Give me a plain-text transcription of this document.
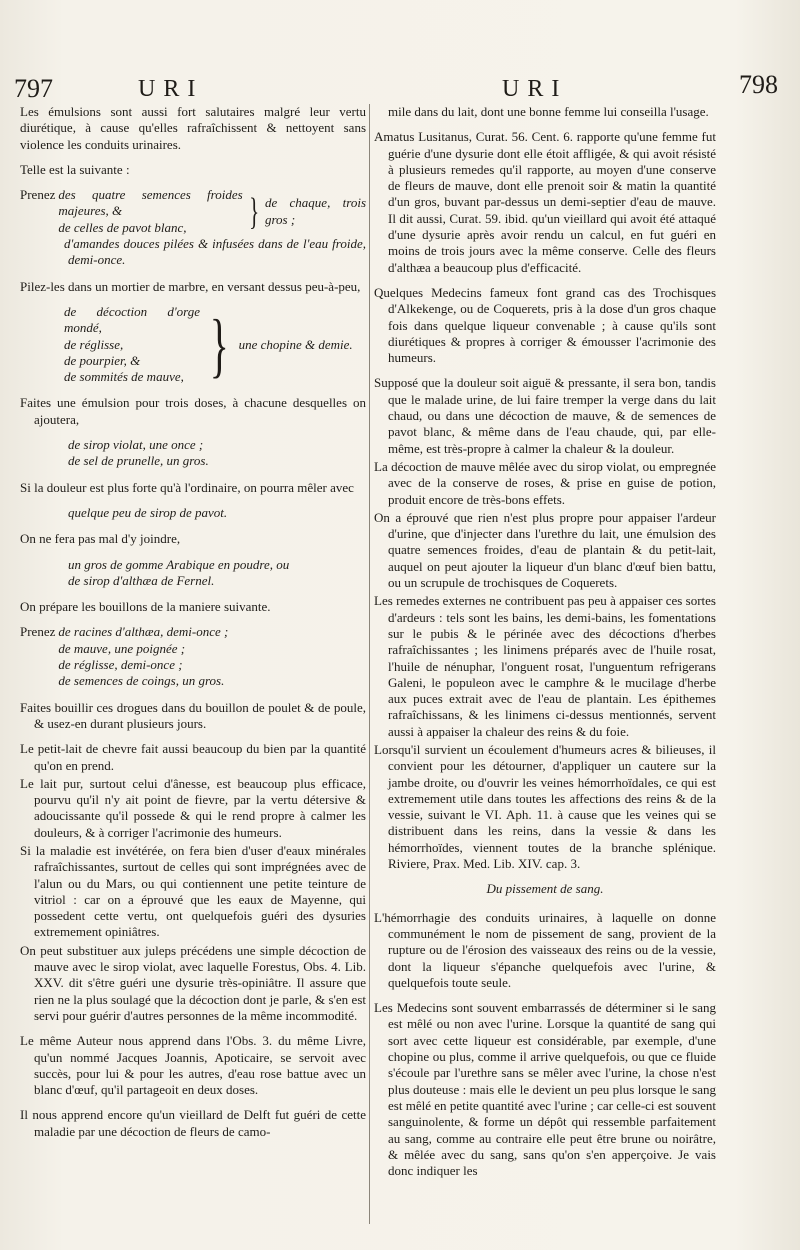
797	URI	URI	798

Les émulsions sont aussi fort salutaires malgré leur vertu diurétique, à cause qu'elles rafraîchissent & nettoyent sans violence les conduits urinaires.

Telle est la suivante :

Prenez des quatre semences froides majeures, &
de celles de pavot blanc,	} de chaque, trois gros ;
d'amandes douces pilées & infusées dans de l'eau froide, demi-once.

Pilez-les dans un mortier de marbre, en versant dessus peu-à-peu,

de décoction d'orge mondé,
de réglisse,
de pourpier, &
de sommités de mauve, } une chopine & demie.

Faites une émulsion pour trois doses, à chacune desquelles on ajoutera,

de sirop violat, une once ;
de sel de prunelle, un gros.

Si la douleur est plus forte qu'à l'ordinaire, on pourra mêler avec

quelque peu de sirop de pavot.

On ne fera pas mal d'y joindre,

un gros de gomme Arabique en poudre, ou
de sirop d'althæa de Fernel.

On prépare les bouillons de la maniere suivante.

Prenez de racines d'althæa, demi-once ;
de mauve, une poignée ;
de réglisse, demi-once ;
de semences de coings, un gros.

Faites bouillir ces drogues dans du bouillon de poulet & de poule, & usez-en durant plusieurs jours.

Le petit-lait de chevre fait aussi beaucoup du bien par la quantité qu'on en prend.

Le lait pur, surtout celui d'ânesse, est beaucoup plus efficace, pourvu qu'il n'y ait point de fievre, par la vertu détersive & adoucissante qu'il possede & qui le rend propre à calmer les douleurs, & à corriger l'acrimonie des humeurs.

Si la maladie est invétérée, on fera bien d'user d'eaux minérales rafraîchissantes, surtout de celles qui sont imprégnées avec de l'alun ou du Mars, ou qui contiennent une petite teinture de vitriol : car on a éprouvé que les eaux de Mayenne, qui possedent cette vertu, ont quelquefois guéri des dysuries extremement opiniâtres.

On peut substituer aux juleps précédens une simple décoction de mauve avec le sirop violat, avec laquelle Forestus, Obs. 4. Lib. XXV. dit s'être guéri une dysurie très-opiniâtre. Il assure que rien ne la plus soulagé que la décoction dont je parle, & s'en est servi pour guérir d'autres personnes de la même incommodité.

Le même Auteur nous apprend dans l'Obs. 3. du même Livre, qu'un nommé Jacques Joannis, Apoticaire, se servoit avec succès, pour lui & pour les autres, d'eau rose battue avec un blanc d'œuf, qu'il partageoit en deux doses.

Il nous apprend encore qu'un vieillard de Delft fut guéri de cette maladie par une décoction de fleurs de camo-

mile dans du lait, dont une bonne femme lui conseilla l'usage.

Amatus Lusitanus, Curat. 56. Cent. 6. rapporte qu'une femme fut guérie d'une dysurie dont elle étoit affligée, & qui avoit résisté à plusieurs remedes qu'il rapporte, au moyen d'une conserve de fleurs de mauve, dont elle prenoit soir & matin la quantité d'un gros, buvant par-dessus un demi-septier d'eau de mauve. Il dit aussi, Curat. 59. ibid. qu'un vieillard qui avoit été attaqué d'une dysurie après avoir rendu un calcul, en fut guéri en moins de trois jours avec la même conserve. Celle des fleurs d'althæa a beaucoup plus d'efficacité.

Quelques Medecins fameux font grand cas des Trochisques d'Alkekenge, ou de Coquerets, pris à la dose d'un gros chaque fois dans quelque liqueur convenable ; à cause qu'ils sont diurétiques & propres à corriger & émousser l'acrimonie des humeurs.

Supposé que la douleur soit aiguë & pressante, il sera bon, tandis que le malade urine, de lui faire tremper la verge dans du lait chaud, ou dans une décoction de mauve, & de semences de pavot blanc, & même dans de l'eau chaude, qui, par elle-même, est très-propre à calmer la chaleur & la douleur.

La décoction de mauve mêlée avec du sirop violat, ou empregnée avec de la conserve de roses, & prise en guise de potion, produit encore de très-bons effets.

On a éprouvé que rien n'est plus propre pour appaiser l'ardeur d'urine, que d'injecter dans l'urethre du lait, une émulsion des quatre semences froides, d'eau de plantain & du petit-lait, auquel on peut ajouter la liqueur d'un blanc d'œuf bien battu, ou un scrupule de trochisques de Coquerets.

Les remedes externes ne contribuent pas peu à appaiser ces sortes d'ardeurs : tels sont les bains, les demi-bains, les fomentations sur le pubis & le périnée avec des décoctions d'herbes rafraîchissantes ; les linimens préparés avec de l'huile rosat, l'huile de nénuphar, l'onguent rosat, l'unguentum refrigerans Galeni, le populeon avec le camphre & le mucilage d'herbe aux puces extrait avec de l'eau de plantain. Les épithemes rafraîchissans, & les linimens ci-dessus mentionnés, servent aussi à appaiser la chaleur des reins & du foie.

Lorsqu'il survient un écoulement d'humeurs acres & bilieuses, il convient pour les détourner, d'appliquer un cautere sur la jambe droite, ou d'ouvrir les veines hémorrhoïdales, ce qui est extremement utile dans toutes les affections des reins & de la vessie, suivant le VI. Aph. 11. à cause que les veines qui se distribuent dans les reins, dans la vessie & dans les hémorrhoïdes, viennent toutes de la branche splénique. Riviere, Prax. Med. Lib. XIV. cap. 3.

Du pissement de sang.

L'hémorrhagie des conduits urinaires, à laquelle on donne communément le nom de pissement de sang, provient de la rupture ou de l'érosion des vaisseaux des reins ou de la vessie, dont la liqueur s'épanche quelquefois avec l'urine, & quelquefois toute seule.

Les Medecins sont souvent embarrassés de déterminer si le sang est mêlé ou non avec l'urine. Lorsque la quantité de sang qui sort avec cette liqueur est considérable, par exemple, d'une chopine ou plus, comme il arrive quelquefois, ou que ce fluide s'écoule par l'urethre sans se mêler avec l'urine, la chose n'est plus douteuse : mais elle le devient un peu plus lorsque le sang est mêlé en petite quantité avec l'urine ; car celle-ci est souvent sanguinolente, & forme un dépôt qui ressemble parfaitement au sang, comme au contraire elle peut être brune ou noirâtre, & mêlée avec du sang, sans qu'on s'en apperçoive. Je vais donc indiquer les
